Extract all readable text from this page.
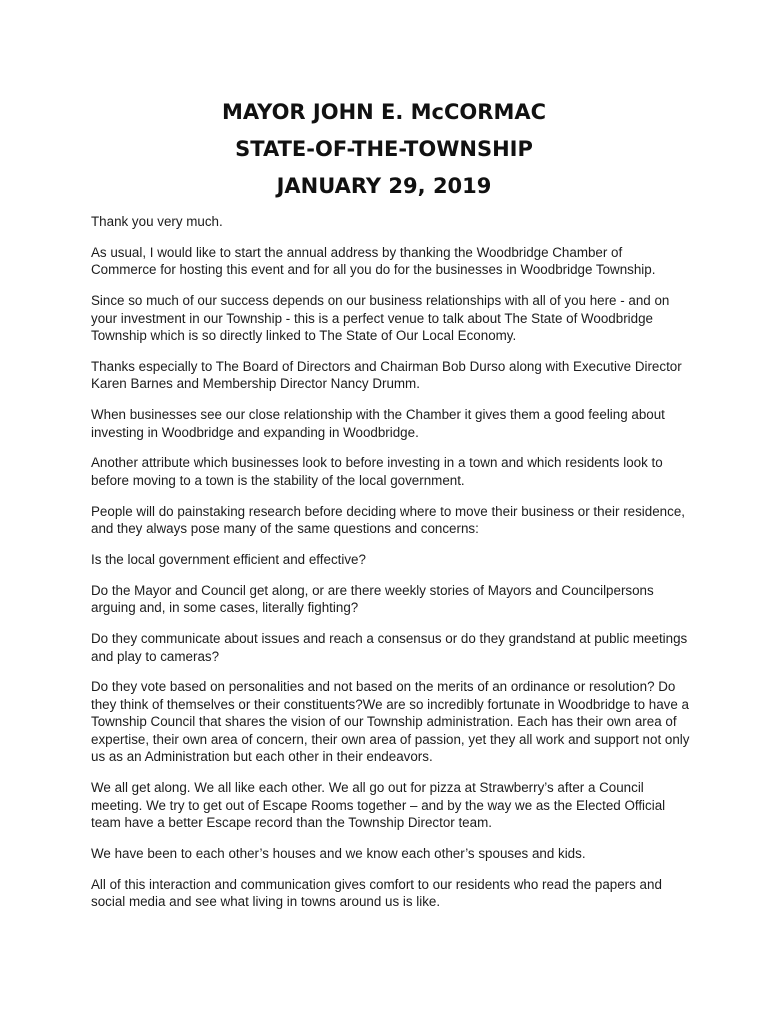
MAYOR JOHN E. McCORMAC
STATE-OF-THE-TOWNSHIP
JANUARY 29, 2019

Thank you very much.

As usual, I would like to start the annual address by thanking the Woodbridge Chamber of Commerce for hosting this event and for all you do for the businesses in Woodbridge Township.

Since so much of our success depends on our business relationships with all of you here - and on your investment in our Township - this is a perfect venue to talk about The State of Woodbridge Township which is so directly linked to The State of Our Local Economy.

Thanks especially to The Board of Directors and Chairman Bob Durso along with Executive Director Karen Barnes and Membership Director Nancy Drumm.

When businesses see our close relationship with the Chamber it gives them a good feeling about investing in Woodbridge and expanding in Woodbridge.

Another attribute which businesses look to before investing in a town and which residents look to before moving to a town is the stability of the local government.

People will do painstaking research before deciding where to move their business or their residence, and they always pose many of the same questions and concerns:

Is the local government efficient and effective?

Do the Mayor and Council get along, or are there weekly stories of Mayors and Councilpersons arguing and, in some cases, literally fighting?

Do they communicate about issues and reach a consensus or do they grandstand at public meetings and play to cameras?

Do they vote based on personalities and not based on the merits of an ordinance or resolution? Do they think of themselves or their constituents?We are so incredibly fortunate in Woodbridge to have a Township Council that shares the vision of our Township administration. Each has their own area of expertise, their own area of concern, their own area of passion, yet they all work and support not only us as an Administration but each other in their endeavors.

We all get along. We all like each other. We all go out for pizza at Strawberry’s after a Council meeting. We try to get out of Escape Rooms together – and by the way we as the Elected Official team have a better Escape record than the Township Director team.

We have been to each other’s houses and we know each other’s spouses and kids.

All of this interaction and communication gives comfort to our residents who read the papers and social media and see what living in towns around us is like.
